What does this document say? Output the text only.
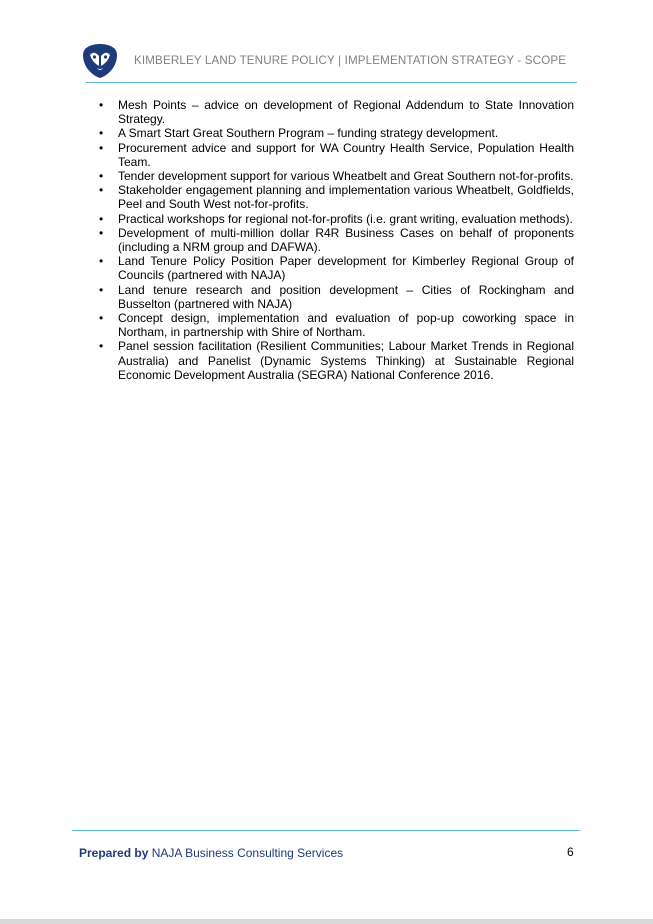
KIMBERLEY LAND TENURE POLICY | IMPLEMENTATION STRATEGY - SCOPE
• Mesh Points – advice on development of Regional Addendum to State Innovation Strategy.
• A Smart Start Great Southern Program – funding strategy development.
• Procurement advice and support for WA Country Health Service, Population Health Team.
• Tender development support for various Wheatbelt and Great Southern not-for-profits.
• Stakeholder engagement planning and implementation various Wheatbelt, Goldfields, Peel and South West not-for-profits.
• Practical workshops for regional not-for-profits (i.e. grant writing, evaluation methods).
• Development of multi-million dollar R4R Business Cases on behalf of proponents (including a NRM group and DAFWA).
• Land Tenure Policy Position Paper development for Kimberley Regional Group of Councils (partnered with NAJA)
• Land tenure research and position development – Cities of Rockingham and Busselton (partnered with NAJA)
• Concept design, implementation and evaluation of pop-up coworking space in Northam, in partnership with Shire of Northam.
• Panel session facilitation (Resilient Communities; Labour Market Trends in Regional Australia) and Panelist (Dynamic Systems Thinking) at Sustainable Regional Economic Development Australia (SEGRA) National Conference 2016.
Prepared by NAJA Business Consulting Services	6
